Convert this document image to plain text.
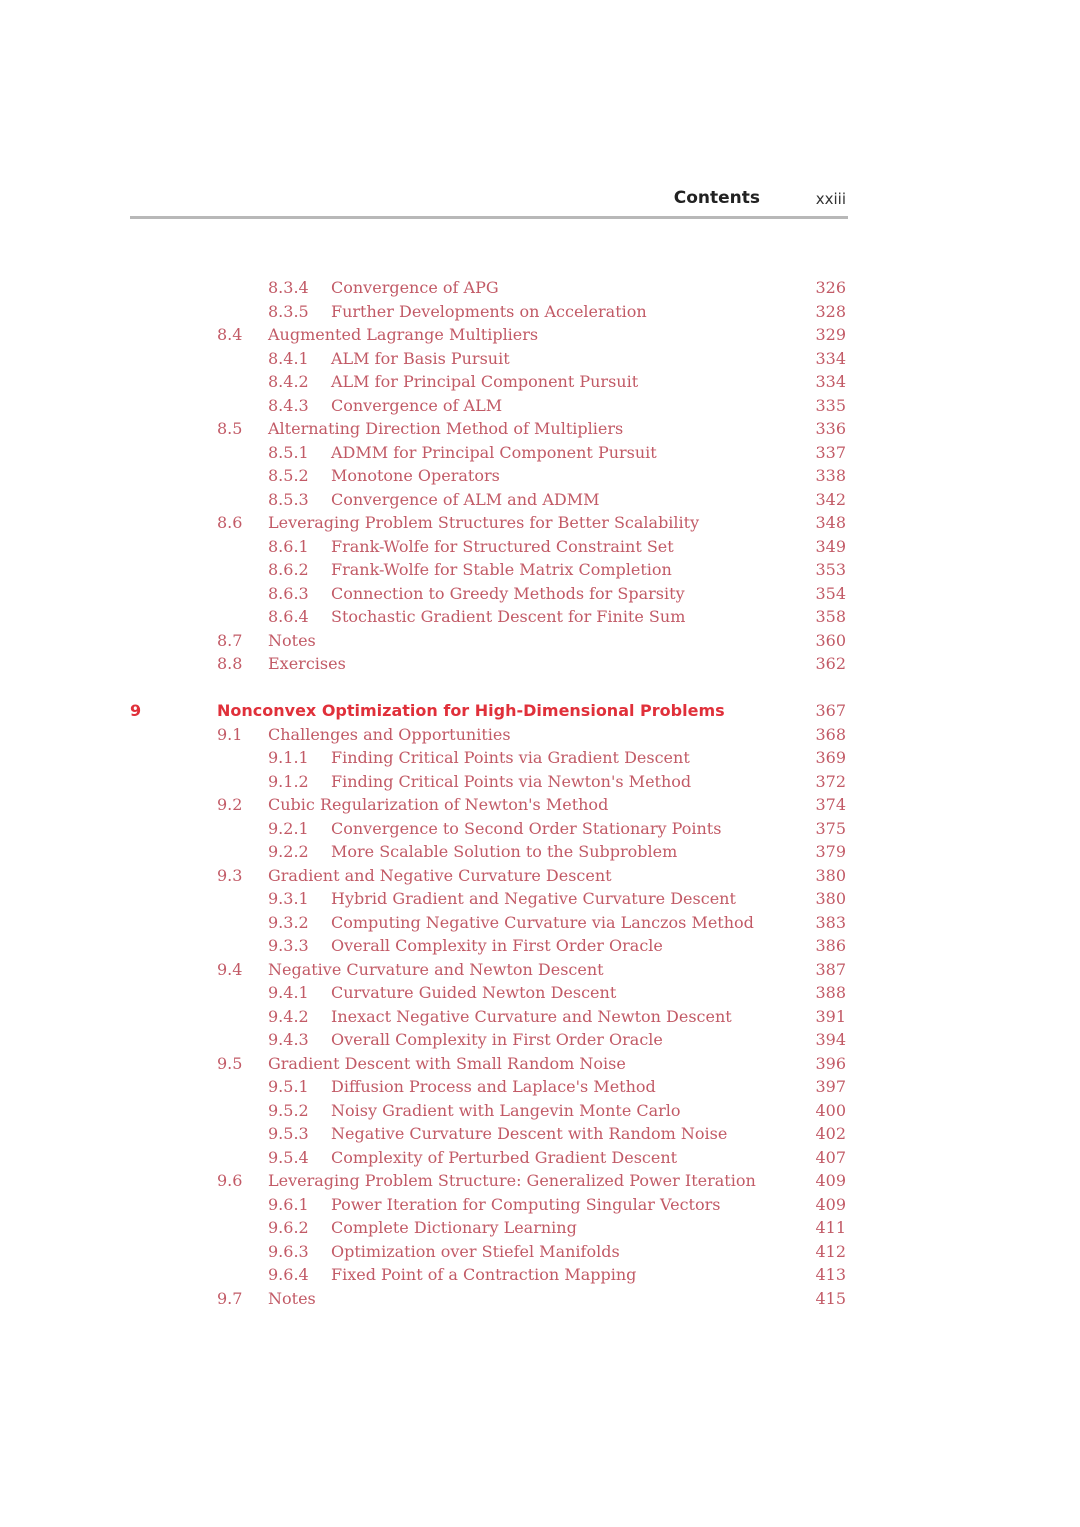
Contents	xxiii
8.3.4 Convergence of APG	326
8.3.5 Further Developments on Acceleration	328
8.4 Augmented Lagrange Multipliers	329
8.4.1 ALM for Basis Pursuit	334
8.4.2 ALM for Principal Component Pursuit	334
8.4.3 Convergence of ALM	335
8.5 Alternating Direction Method of Multipliers	336
8.5.1 ADMM for Principal Component Pursuit	337
8.5.2 Monotone Operators	338
8.5.3 Convergence of ALM and ADMM	342
8.6 Leveraging Problem Structures for Better Scalability	348
8.6.1 Frank-Wolfe for Structured Constraint Set	349
8.6.2 Frank-Wolfe for Stable Matrix Completion	353
8.6.3 Connection to Greedy Methods for Sparsity	354
8.6.4 Stochastic Gradient Descent for Finite Sum	358
8.7 Notes	360
8.8 Exercises	362
9	Nonconvex Optimization for High-Dimensional Problems	367
9.1 Challenges and Opportunities	368
9.1.1 Finding Critical Points via Gradient Descent	369
9.1.2 Finding Critical Points via Newton's Method	372
9.2 Cubic Regularization of Newton's Method	374
9.2.1 Convergence to Second Order Stationary Points	375
9.2.2 More Scalable Solution to the Subproblem	379
9.3 Gradient and Negative Curvature Descent	380
9.3.1 Hybrid Gradient and Negative Curvature Descent	380
9.3.2 Computing Negative Curvature via Lanczos Method	383
9.3.3 Overall Complexity in First Order Oracle	386
9.4 Negative Curvature and Newton Descent	387
9.4.1 Curvature Guided Newton Descent	388
9.4.2 Inexact Negative Curvature and Newton Descent	391
9.4.3 Overall Complexity in First Order Oracle	394
9.5 Gradient Descent with Small Random Noise	396
9.5.1 Diffusion Process and Laplace's Method	397
9.5.2 Noisy Gradient with Langevin Monte Carlo	400
9.5.3 Negative Curvature Descent with Random Noise	402
9.5.4 Complexity of Perturbed Gradient Descent	407
9.6 Leveraging Problem Structure: Generalized Power Iteration	409
9.6.1 Power Iteration for Computing Singular Vectors	409
9.6.2 Complete Dictionary Learning	411
9.6.3 Optimization over Stiefel Manifolds	412
9.6.4 Fixed Point of a Contraction Mapping	413
9.7 Notes	415
